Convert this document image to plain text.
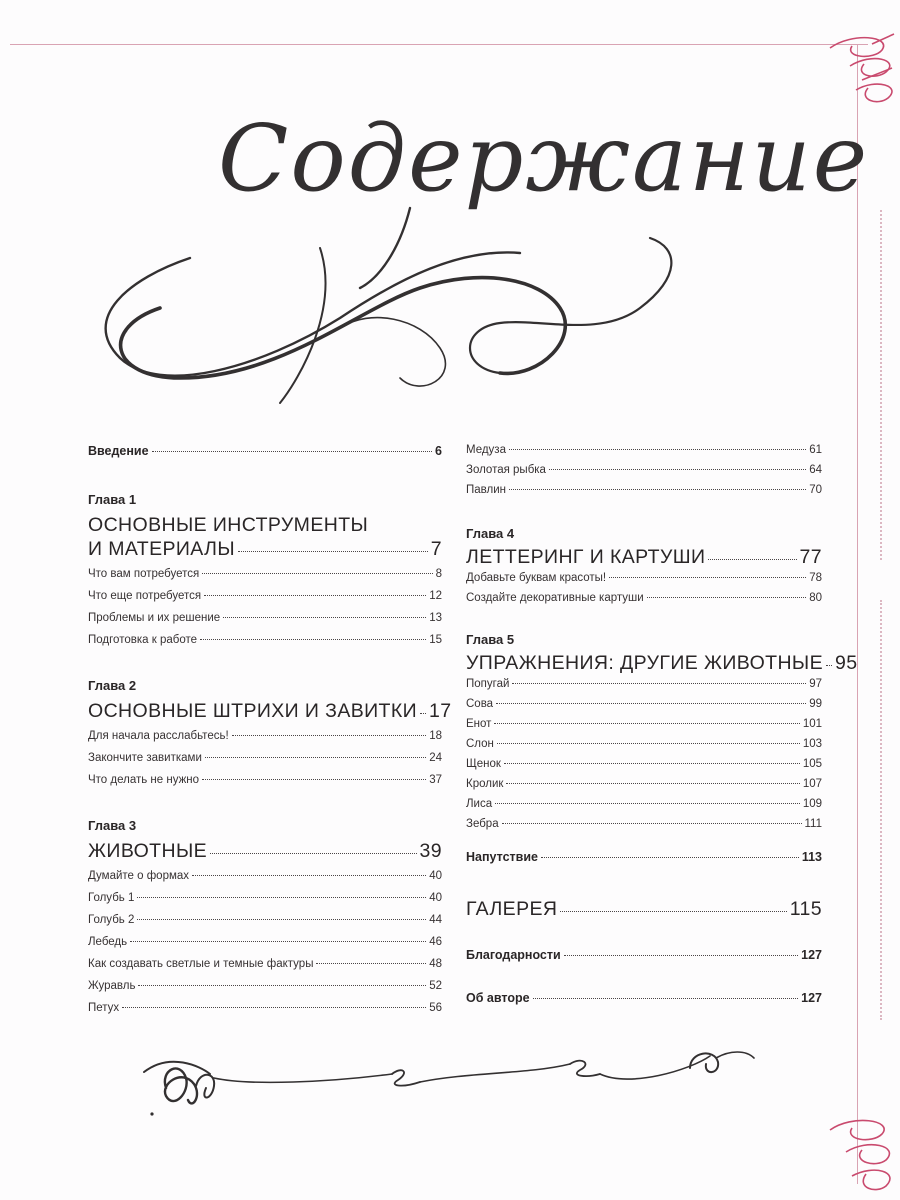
Содержание
Введение	6
Глава 1
ОСНОВНЫЕ ИНСТРУМЕНТЫ
И МАТЕРИАЛЫ	7
Что вам потребуется	8
Что еще потребуется	12
Проблемы и их решение	13
Подготовка к работе	15
Глава 2
ОСНОВНЫЕ ШТРИХИ И ЗАВИТКИ 17
Для начала расслабьтесь!	18
Закончите завитками	24
Что делать не нужно	37
Глава 3
ЖИВОТНЫЕ	39
Думайте о формах	40
Голубь 1	40
Голубь 2	44
Лебедь	46
Как создавать светлые и темные фактуры	48
Журавль	52
Петух	56
Медуза	61
Золотая рыбка	64
Павлин	70
Глава 4
ЛЕТТЕРИНГ И КАРТУШИ	77
Добавьте буквам красоты!	78
Создайте декоративные картуши	80
Глава 5
УПРАЖНЕНИЯ: ДРУГИЕ ЖИВОТНЫЕ 95
Попугай	97
Сова	99
Енот	101
Слон	103
Щенок	105
Кролик	107
Лиса	109
Зебра	111
Напутствие	113
ГАЛЕРЕЯ	115
Благодарности	127
Об авторе	127
